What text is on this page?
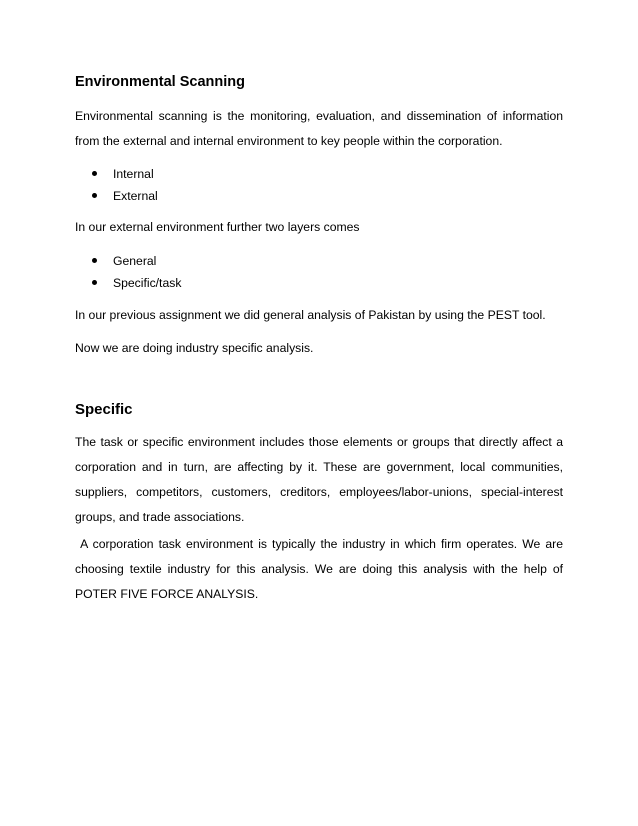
Environmental Scanning

Environmental scanning is the monitoring, evaluation, and dissemination of information from the external and internal environment to key people within the corporation.

Internal
External

In our external environment further two layers comes

General
Specific/task

In our previous assignment we did general analysis of Pakistan by using the PEST tool.

Now we are doing industry specific analysis.

Specific

The task or specific environment includes those elements or groups that directly affect a corporation and in turn, are affecting by it. These are government, local communities, suppliers, competitors, customers, creditors, employees/labor-unions, special-interest groups, and trade associations.

A corporation task environment is typically the industry in which firm operates. We are choosing textile industry for this analysis. We are doing this analysis with the help of POTER FIVE FORCE ANALYSIS.
